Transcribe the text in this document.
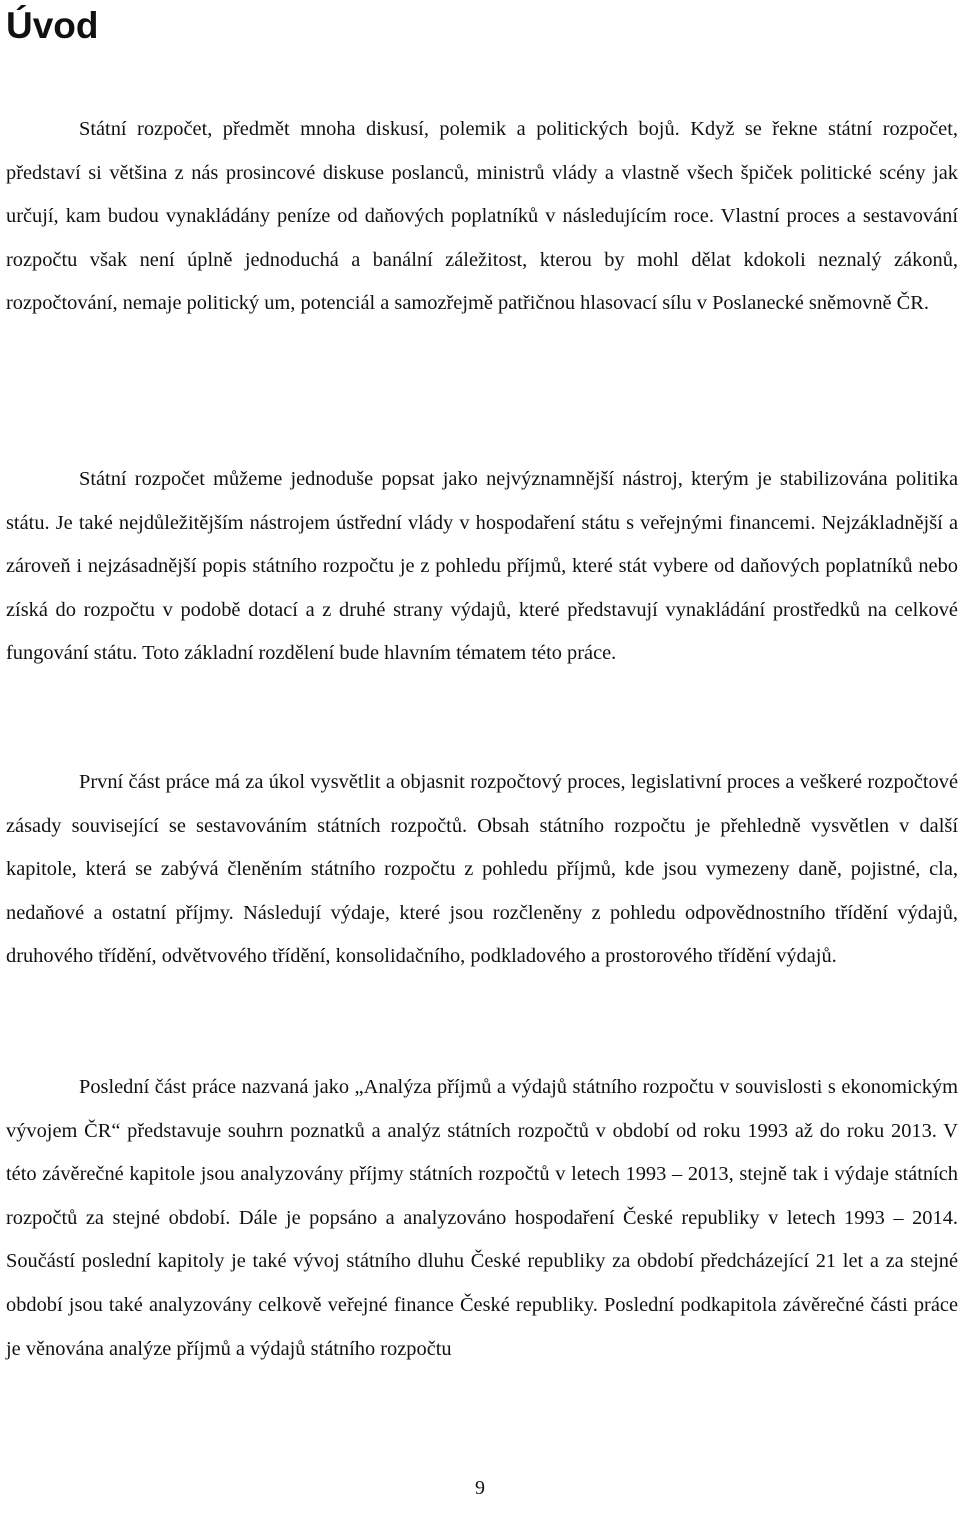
Úvod

Státní rozpočet, předmět mnoha diskusí, polemik a politických bojů. Když se řekne státní rozpočet, představí si většina z nás prosincové diskuse poslanců, ministrů vlády a vlastně všech špiček politické scény jak určují, kam budou vynakládány peníze od daňových poplatníků v následujícím roce. Vlastní proces a sestavování rozpočtu však není úplně jednoduchá a banální záležitost, kterou by mohl dělat kdokoli neznalý zákonů, rozpočtování, nemaje politický um, potenciál a samozřejmě patřičnou hlasovací sílu v Poslanecké sněmovně ČR.

Státní rozpočet můžeme jednoduše popsat jako nejvýznamnější nástroj, kterým je stabilizována politika státu. Je také nejdůležitějším nástrojem ústřední vlády v hospodaření státu s veřejnými financemi. Nejzákladnější a zároveň i nejzásadnější popis státního rozpočtu je z pohledu příjmů, které stát vybere od daňových poplatníků nebo získá do rozpočtu v podobě dotací a z druhé strany výdajů, které představují vynakládání prostředků na celkové fungování státu. Toto základní rozdělení bude hlavním tématem této práce.

První část práce má za úkol vysvětlit a objasnit rozpočtový proces, legislativní proces a veškeré rozpočtové zásady související se sestavováním státních rozpočtů. Obsah státního rozpočtu je přehledně vysvětlen v další kapitole, která se zabývá členěním státního rozpočtu z pohledu příjmů, kde jsou vymezeny daně, pojistné, cla, nedaňové a ostatní příjmy. Následují výdaje, které jsou rozčleněny z pohledu odpovědnostního třídění výdajů, druhového třídění, odvětvového třídění, konsolidačního, podkladového a prostorového třídění výdajů.

Poslední část práce nazvaná jako „Analýza příjmů a výdajů státního rozpočtu v souvislosti s ekonomickým vývojem ČR“ představuje souhrn poznatků a analýz státních rozpočtů v období od roku 1993 až do roku 2013. V této závěrečné kapitole jsou analyzovány příjmy státních rozpočtů v letech 1993 – 2013, stejně tak i výdaje státních rozpočtů za stejné období. Dále je popsáno a analyzováno hospodaření České republiky v letech 1993 – 2014. Součástí poslední kapitoly je také vývoj státního dluhu České republiky za období předcházející 21 let a za stejné období jsou také analyzovány celkově veřejné finance České republiky. Poslední podkapitola závěrečné části práce je věnována analýze příjmů a výdajů státního rozpočtu

9
